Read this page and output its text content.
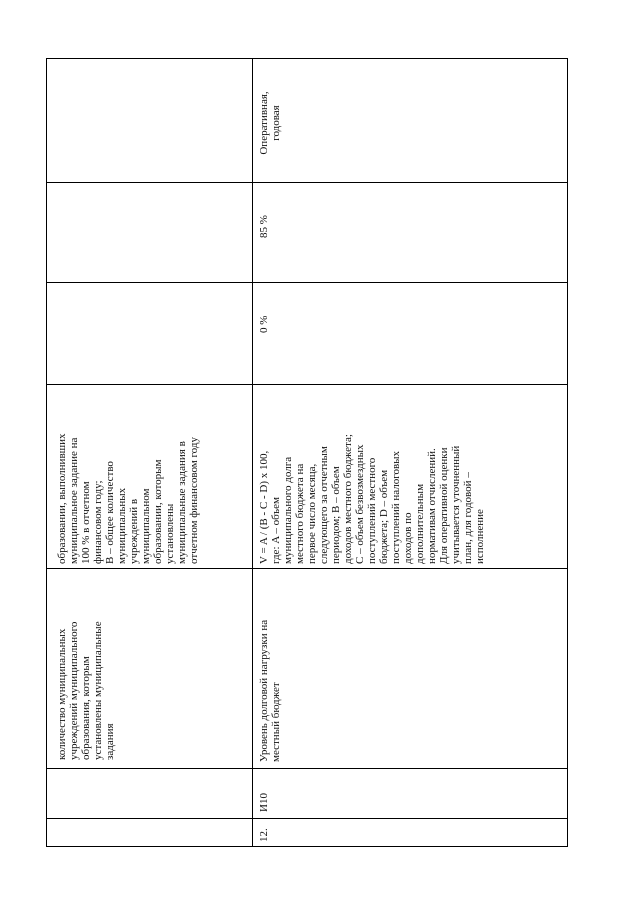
количество муниципальных учреждений муниципального образования, которым установлены муниципальные задания
образовании, выполнивших муниципальное задание на 100 % в отчетном финансовом году; B – общее количество муниципальных учреждений в муниципальном образовании, которым установлены муниципальные задания в отчетном финансовом году
Оперативная, годовая
12.
И10
Уровень долговой нагрузки на местный бюджет
V = A / (B - C - D) x 100, где: A – объем муниципального долга местного бюджета на первое число месяца, следующего за отчетным периодом; B – объем доходов местного бюджета; C – объем безвозмездных поступлений местного бюджета; D – объем поступлений налоговых доходов по дополнительным нормативам отчислений. Для оперативной оценки учитывается уточненный план, для годовой – исполнение
0 %
85 %
